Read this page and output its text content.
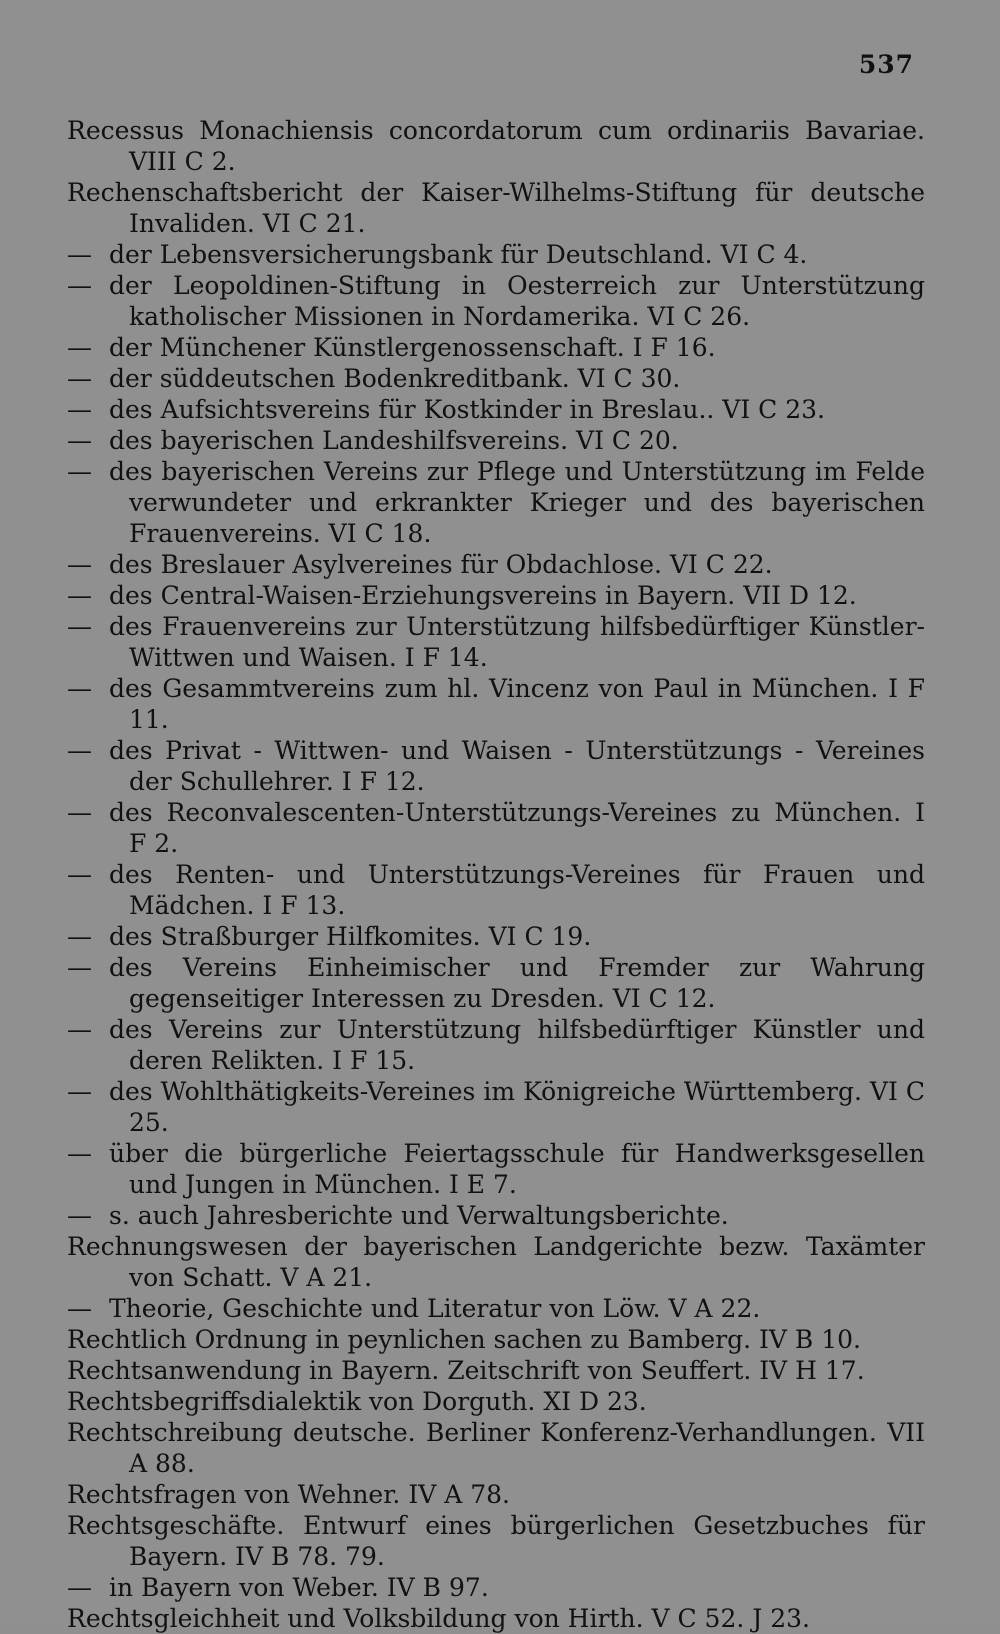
537
Recessus Monachiensis concordatorum cum ordinariis Bavariae. VIII C 2.
Rechenschaftsbericht der Kaiser-Wilhelms-Stiftung für deutsche Invaliden. VI C 21.
— der Lebensversicherungsbank für Deutschland. VI C 4.
— der Leopoldinen-Stiftung in Oesterreich zur Unterstützung katholischer Missionen in Nordamerika. VI C 26.
— der Münchener Künstlergenossenschaft. I F 16.
— der süddeutschen Bodenkreditbank. VI C 30.
— des Aufsichtsvereins für Kostkinder in Breslau.. VI C 23.
— des bayerischen Landeshilfsvereins. VI C 20.
— des bayerischen Vereins zur Pflege und Unterstützung im Felde verwundeter und erkrankter Krieger und des bayerischen Frauenvereins. VI C 18.
— des Breslauer Asylvereines für Obdachlose. VI C 22.
— des Central-Waisen-Erziehungsvereins in Bayern. VII D 12.
— des Frauenvereins zur Unterstützung hilfsbedürftiger Künstler-Wittwen und Waisen. I F 14.
— des Gesammtvereins zum hl. Vincenz von Paul in München. I F 11.
— des Privat - Wittwen- und Waisen - Unterstützungs - Vereines der Schullehrer. I F 12.
— des Reconvalescenten-Unterstützungs-Vereines zu München. I F 2.
— des Renten- und Unterstützungs-Vereines für Frauen und Mädchen. I F 13.
— des Straßburger Hilfkomites. VI C 19.
— des Vereins Einheimischer und Fremder zur Wahrung gegenseitiger Interessen zu Dresden. VI C 12.
— des Vereins zur Unterstützung hilfsbedürftiger Künstler und deren Relikten. I F 15.
— des Wohlthätigkeits-Vereines im Königreiche Württemberg. VI C 25.
— über die bürgerliche Feiertagsschule für Handwerksgesellen und Jungen in München. I E 7.
— s. auch Jahresberichte und Verwaltungsberichte.
Rechnungswesen der bayerischen Landgerichte bezw. Taxämter von Schatt. V A 21.
— Theorie, Geschichte und Literatur von Löw. V A 22.
Rechtlich Ordnung in peynlichen sachen zu Bamberg. IV B 10.
Rechtsanwendung in Bayern. Zeitschrift von Seuffert. IV H 17.
Rechtsbegriffsdialektik von Dorguth. XI D 23.
Rechtschreibung deutsche. Berliner Konferenz-Verhandlungen. VII A 88.
Rechtsfragen von Wehner. IV A 78.
Rechtsgeschäfte. Entwurf eines bürgerlichen Gesetzbuches für Bayern. IV B 78. 79.
— in Bayern von Weber. IV B 97.
Rechtsgleichheit und Volksbildung von Hirth. V C 52. J 23.
